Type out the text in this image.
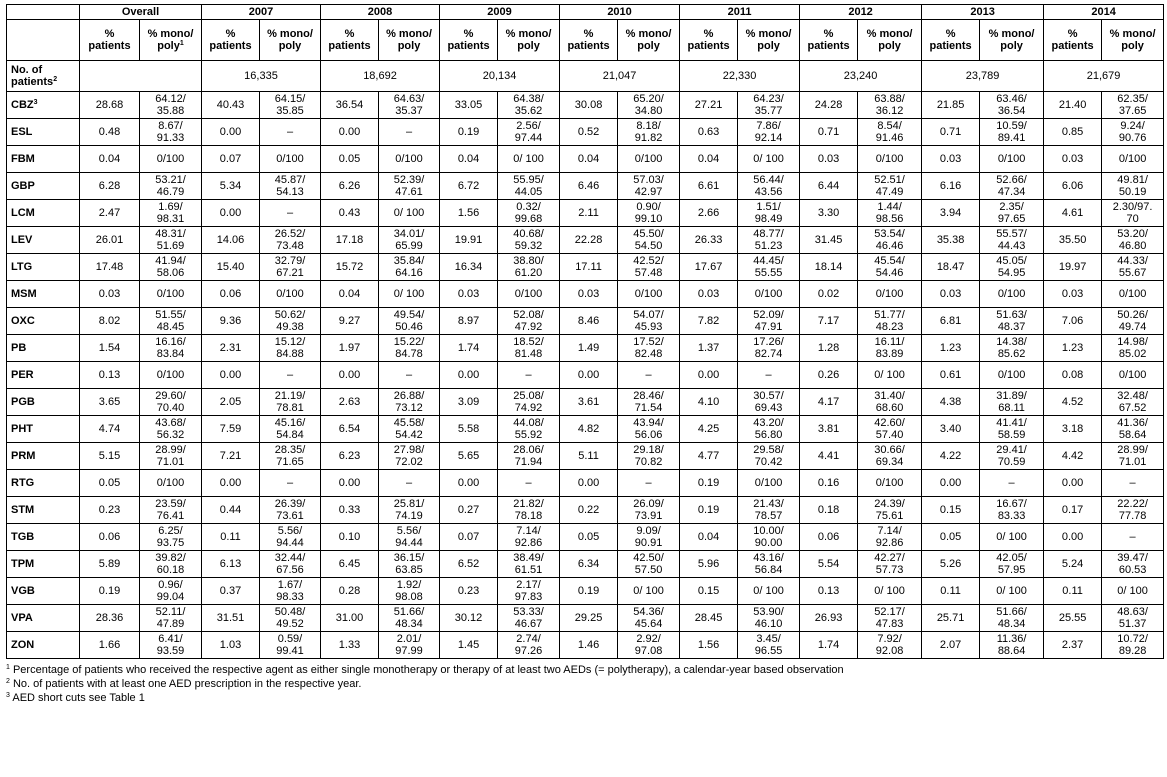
	Overall		2007		2008		2009		2010		2011		2012		2013		2014	
	% patients	% mono/ poly$^1$	% patients	% mono/ poly	% patients	% mono/ poly	% patients	% mono/ poly	% patients	% mono/ poly	% patients	% mono/ poly	% patients	% mono/ poly	% patients	% mono/ poly	% patients	% mono/ poly
No. of patients$^2$			16,335		18,692		20,134		21,047		22,330		23,240		23,789		21,679	
CBZ$^3$	28.68	64.12/ 35.88	40.43	64.15/ 35.85	36.54	64.63/ 35.37	33.05	64.38/ 35.62	30.08	65.20/ 34.80	27.21	64.23/ 35.77	24.28	63.88/ 36.12	21.85	63.46/ 36.54	21.40	62.35/ 37.65
ESL	0.48	8.67/ 91.33	0.00	–	0.00	–	0.19	2.56/ 97.44	0.52	8.18/ 91.82	0.63	7.86/ 92.14	0.71	8.54/ 91.46	0.71	10.59/ 89.41	0.85	9.24/ 90.76
FBM	0.04	0/100	0.07	0/100	0.05	0/100	0.04	0/ 100	0.04	0/100	0.04	0/ 100	0.03	0/100	0.03	0/100	0.03	0/100
GBP	6.28	53.21/ 46.79	5.34	45.87/ 54.13	6.26	52.39/ 47.61	6.72	55.95/ 44.05	6.46	57.03/ 42.97	6.61	56.44/ 43.56	6.44	52.51/ 47.49	6.16	52.66/ 47.34	6.06	49.81/ 50.19
LCM	2.47	1.69/ 98.31	0.00	–	0.43	0/ 100	1.56	0.32/ 99.68	2.11	0.90/ 99.10	2.66	1.51/ 98.49	3.30	1.44/ 98.56	3.94	2.35/ 97.65	4.61	2.30/97. 70
LEV	26.01	48.31/ 51.69	14.06	26.52/ 73.48	17.18	34.01/ 65.99	19.91	40.68/ 59.32	22.28	45.50/ 54.50	26.33	48.77/ 51.23	31.45	53.54/ 46.46	35.38	55.57/ 44.43	35.50	53.20/ 46.80
LTG	17.48	41.94/ 58.06	15.40	32.79/ 67.21	15.72	35.84/ 64.16	16.34	38.80/ 61.20	17.11	42.52/ 57.48	17.67	44.45/ 55.55	18.14	45.54/ 54.46	18.47	45.05/ 54.95	19.97	44.33/ 55.67
MSM	0.03	0/100	0.06	0/100	0.04	0/ 100	0.03	0/100	0.03	0/100	0.03	0/100	0.02	0/100	0.03	0/100	0.03	0/100
OXC	8.02	51.55/ 48.45	9.36	50.62/ 49.38	9.27	49.54/ 50.46	8.97	52.08/ 47.92	8.46	54.07/ 45.93	7.82	52.09/ 47.91	7.17	51.77/ 48.23	6.81	51.63/ 48.37	7.06	50.26/ 49.74
PB	1.54	16.16/ 83.84	2.31	15.12/ 84.88	1.97	15.22/ 84.78	1.74	18.52/ 81.48	1.49	17.52/ 82.48	1.37	17.26/ 82.74	1.28	16.11/ 83.89	1.23	14.38/ 85.62	1.23	14.98/ 85.02
PER	0.13	0/100	0.00	–	0.00	–	0.00	–	0.00	–	0.00	–	0.26	0/ 100	0.61	0/100	0.08	0/100
PGB	3.65	29.60/ 70.40	2.05	21.19/ 78.81	2.63	26.88/ 73.12	3.09	25.08/ 74.92	3.61	28.46/ 71.54	4.10	30.57/ 69.43	4.17	31.40/ 68.60	4.38	31.89/ 68.11	4.52	32.48/ 67.52
PHT	4.74	43.68/ 56.32	7.59	45.16/ 54.84	6.54	45.58/ 54.42	5.58	44.08/ 55.92	4.82	43.94/ 56.06	4.25	43.20/ 56.80	3.81	42.60/ 57.40	3.40	41.41/ 58.59	3.18	41.36/ 58.64
PRM	5.15	28.99/ 71.01	7.21	28.35/ 71.65	6.23	27.98/ 72.02	5.65	28.06/ 71.94	5.11	29.18/ 70.82	4.77	29.58/ 70.42	4.41	30.66/ 69.34	4.22	29.41/ 70.59	4.42	28.99/ 71.01
RTG	0.05	0/100	0.00	–	0.00	–	0.00	–	0.00	–	0.19	0/100	0.16	0/100	0.00	–	0.00	–
STM	0.23	23.59/ 76.41	0.44	26.39/ 73.61	0.33	25.81/ 74.19	0.27	21.82/ 78.18	0.22	26.09/ 73.91	0.19	21.43/ 78.57	0.18	24.39/ 75.61	0.15	16.67/ 83.33	0.17	22.22/ 77.78
TGB	0.06	6.25/ 93.75	0.11	5.56/ 94.44	0.10	5.56/ 94.44	0.07	7.14/ 92.86	0.05	9.09/ 90.91	0.04	10.00/ 90.00	0.06	7.14/ 92.86	0.05	0/ 100	0.00	–
TPM	5.89	39.82/ 60.18	6.13	32.44/ 67.56	6.45	36.15/ 63.85	6.52	38.49/ 61.51	6.34	42.50/ 57.50	5.96	43.16/ 56.84	5.54	42.27/ 57.73	5.26	42.05/ 57.95	5.24	39.47/ 60.53
VGB	0.19	0.96/ 99.04	0.37	1.67/ 98.33	0.28	1.92/ 98.08	0.23	2.17/ 97.83	0.19	0/ 100	0.15	0/ 100	0.13	0/ 100	0.11	0/ 100	0.11	0/ 100
VPA	28.36	52.11/ 47.89	31.51	50.48/ 49.52	31.00	51.66/ 48.34	30.12	53.33/ 46.67	29.25	54.36/ 45.64	28.45	53.90/ 46.10	26.93	52.17/ 47.83	25.71	51.66/ 48.34	25.55	48.63/ 51.37
ZON	1.66	6.41/ 93.59	1.03	0.59/ 99.41	1.33	2.01/ 97.99	1.45	2.74/ 97.26	1.46	2.92/ 97.08	1.56	3.45/ 96.55	1.74	7.92/ 92.08	2.07	11.36/ 88.64	2.37	10.72/ 89.28
$^1$ Percentage of patients who received the respective agent as either single monotherapy or therapy of at least two AEDs (= polytherapy), a calendar-year based observation
$^2$ No. of patients with at least one AED prescription in the respective year.
$^3$ AED short cuts see Table 1
